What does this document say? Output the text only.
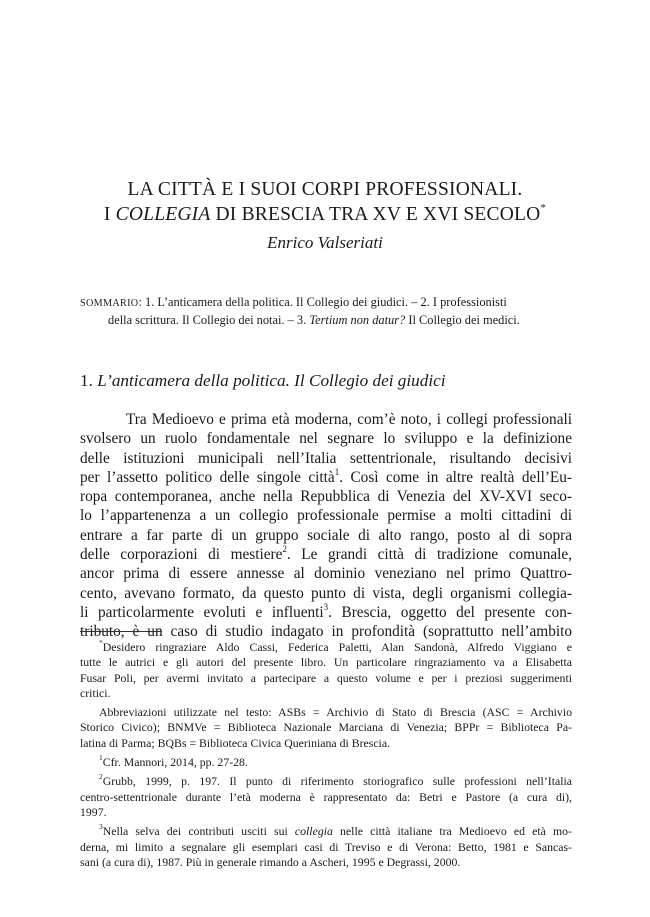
LA CITTÀ E I SUOI CORPI PROFESSIONALI.
I COLLEGIA DI BRESCIA TRA XV E XVI SECOLO*
Enrico Valseriati
SOMMARIO: 1. L’anticamera della politica. Il Collegio dei giudici. – 2. I professionisti
della scrittura. Il Collegio dei notai. – 3. Tertium non datur? Il Collegio dei medici.
1. L’anticamera della politica. Il Collegio dei giudici
Tra Medioevo e prima età moderna, com’è noto, i collegi professionali
svolsero un ruolo fondamentale nel segnare lo sviluppo e la definizione
delle istituzioni municipali nell’Italia settentrionale, risultando decisivi
per l’assetto politico delle singole città$^1$. Così come in altre realtà dell’Eu-
ropa contemporanea, anche nella Repubblica di Venezia del XV-XVI seco-
lo l’appartenenza a un collegio professionale permise a molti cittadini di
entrare a far parte di un gruppo sociale di alto rango, posto al di sopra
delle corporazioni di mestiere$^2$. Le grandi città di tradizione comunale,
ancor prima di essere annesse al dominio veneziano nel primo Quattro-
cento, avevano formato, da questo punto di vista, degli organismi collegia-
li particolarmente evoluti e influenti$^3$. Brescia, oggetto del presente con-
tributo, è un caso di studio indagato in profondità (soprattutto nell’ambito
*Desidero ringraziare Aldo Cassi, Federica Paletti, Alan Sandonà, Alfredo Viggiano e
tutte le autrici e gli autori del presente libro. Un particolare ringraziamento va a Elisabetta
Fusar Poli, per avermi invitato a partecipare a questo volume e per i preziosi suggerimenti
critici.
Abbreviazioni utilizzate nel testo: ASBs = Archivio di Stato di Brescia (ASC = Archivio
Storico Civico); BNMVe = Biblioteca Nazionale Marciana di Venezia; BPPr = Biblioteca Pa-
latina di Parma; BQBs = Biblioteca Civica Queriniana di Brescia.
$^1$Cfr. Mannori, 2014, pp. 27-28.
$^2$Grubb, 1999, p. 197. Il punto di riferimento storiografico sulle professioni nell’Italia
centro-settentrionale durante l’età moderna è rappresentato da: Betri e Pastore (a cura di),
1997.
$^3$Nella selva dei contributi usciti sui collegia nelle città italiane tra Medioevo ed età mo-
derna, mi limito a segnalare gli esemplari casi di Treviso e di Verona: Betto, 1981 e Sancas-
sani (a cura di), 1987. Più in generale rimando a Ascheri, 1995 e Degrassi, 2000.
